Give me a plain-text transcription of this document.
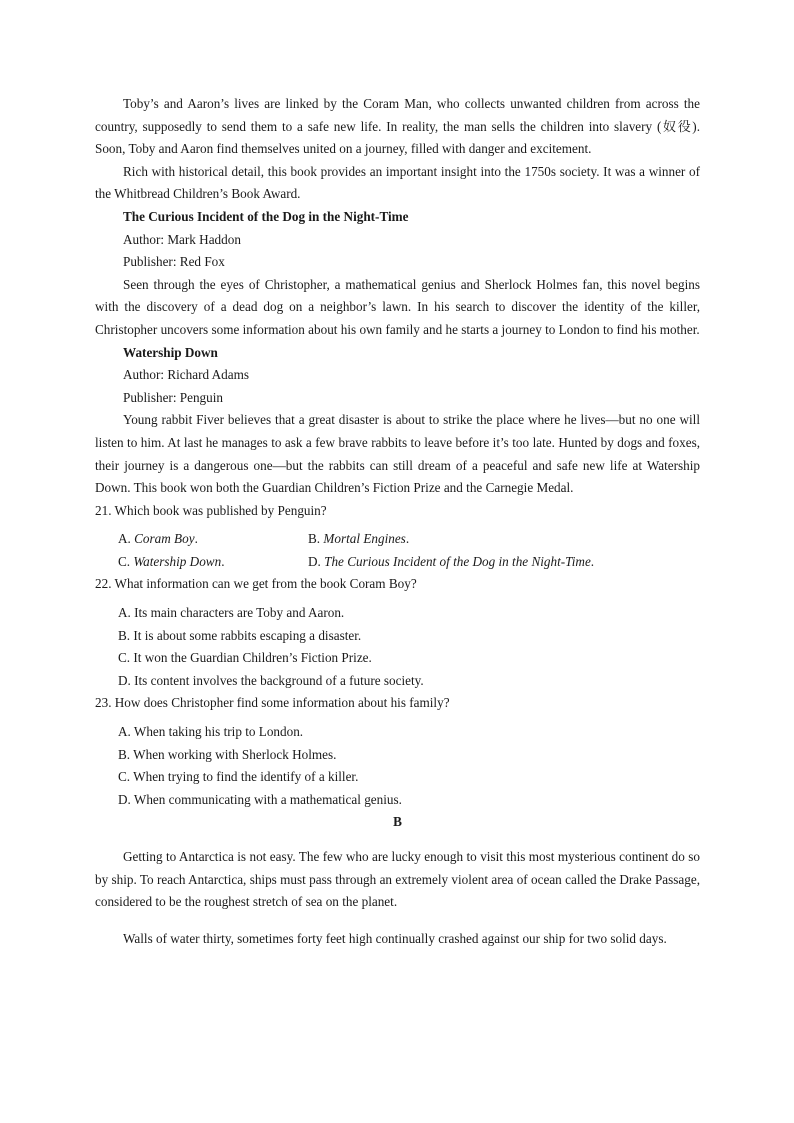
Toby’s and Aaron’s lives are linked by the Coram Man, who collects unwanted children from across the country, supposedly to send them to a safe new life. In reality, the man sells the children into slavery (奴役). Soon, Toby and Aaron find themselves united on a journey, filled with danger and excitement.

Rich with historical detail, this book provides an important insight into the 1750s society. It was a winner of the Whitbread Children’s Book Award.

The Curious Incident of the Dog in the Night-Time

Author: Mark Haddon

Publisher: Red Fox

Seen through the eyes of Christopher, a mathematical genius and Sherlock Holmes fan, this novel begins with the discovery of a dead dog on a neighbor’s lawn. In his search to discover the identity of the killer, Christopher uncovers some information about his own family and he starts a journey to London to find his mother.

Watership Down

Author: Richard Adams

Publisher: Penguin

Young rabbit Fiver believes that a great disaster is about to strike the place where he lives—but no one will listen to him. At last he manages to ask a few brave rabbits to leave before it’s too late. Hunted by dogs and foxes, their journey is a dangerous one—but the rabbits can still dream of a peaceful and safe new life at Watership Down. This book won both the Guardian Children’s Fiction Prize and the Carnegie Medal.

21. Which book was published by Penguin?

A. Coram Boy.	B. Mortal Engines.
C. Watership Down.	D. The Curious Incident of the Dog in the Night-Time.

22. What information can we get from the book Coram Boy?

A. Its main characters are Toby and Aaron.
B. It is about some rabbits escaping a disaster.
C. It won the Guardian Children’s Fiction Prize.
D. Its content involves the background of a future society.

23. How does Christopher find some information about his family?

A. When taking his trip to London.
B. When working with Sherlock Holmes.
C. When trying to find the identify of a killer.
D. When communicating with a mathematical genius.

B

Getting to Antarctica is not easy. The few who are lucky enough to visit this most mysterious continent do so by ship. To reach Antarctica, ships must pass through an extremely violent area of ocean called the Drake Passage, considered to be the roughest stretch of sea on the planet.

Walls of water thirty, sometimes forty feet high continually crashed against our ship for two solid days.
